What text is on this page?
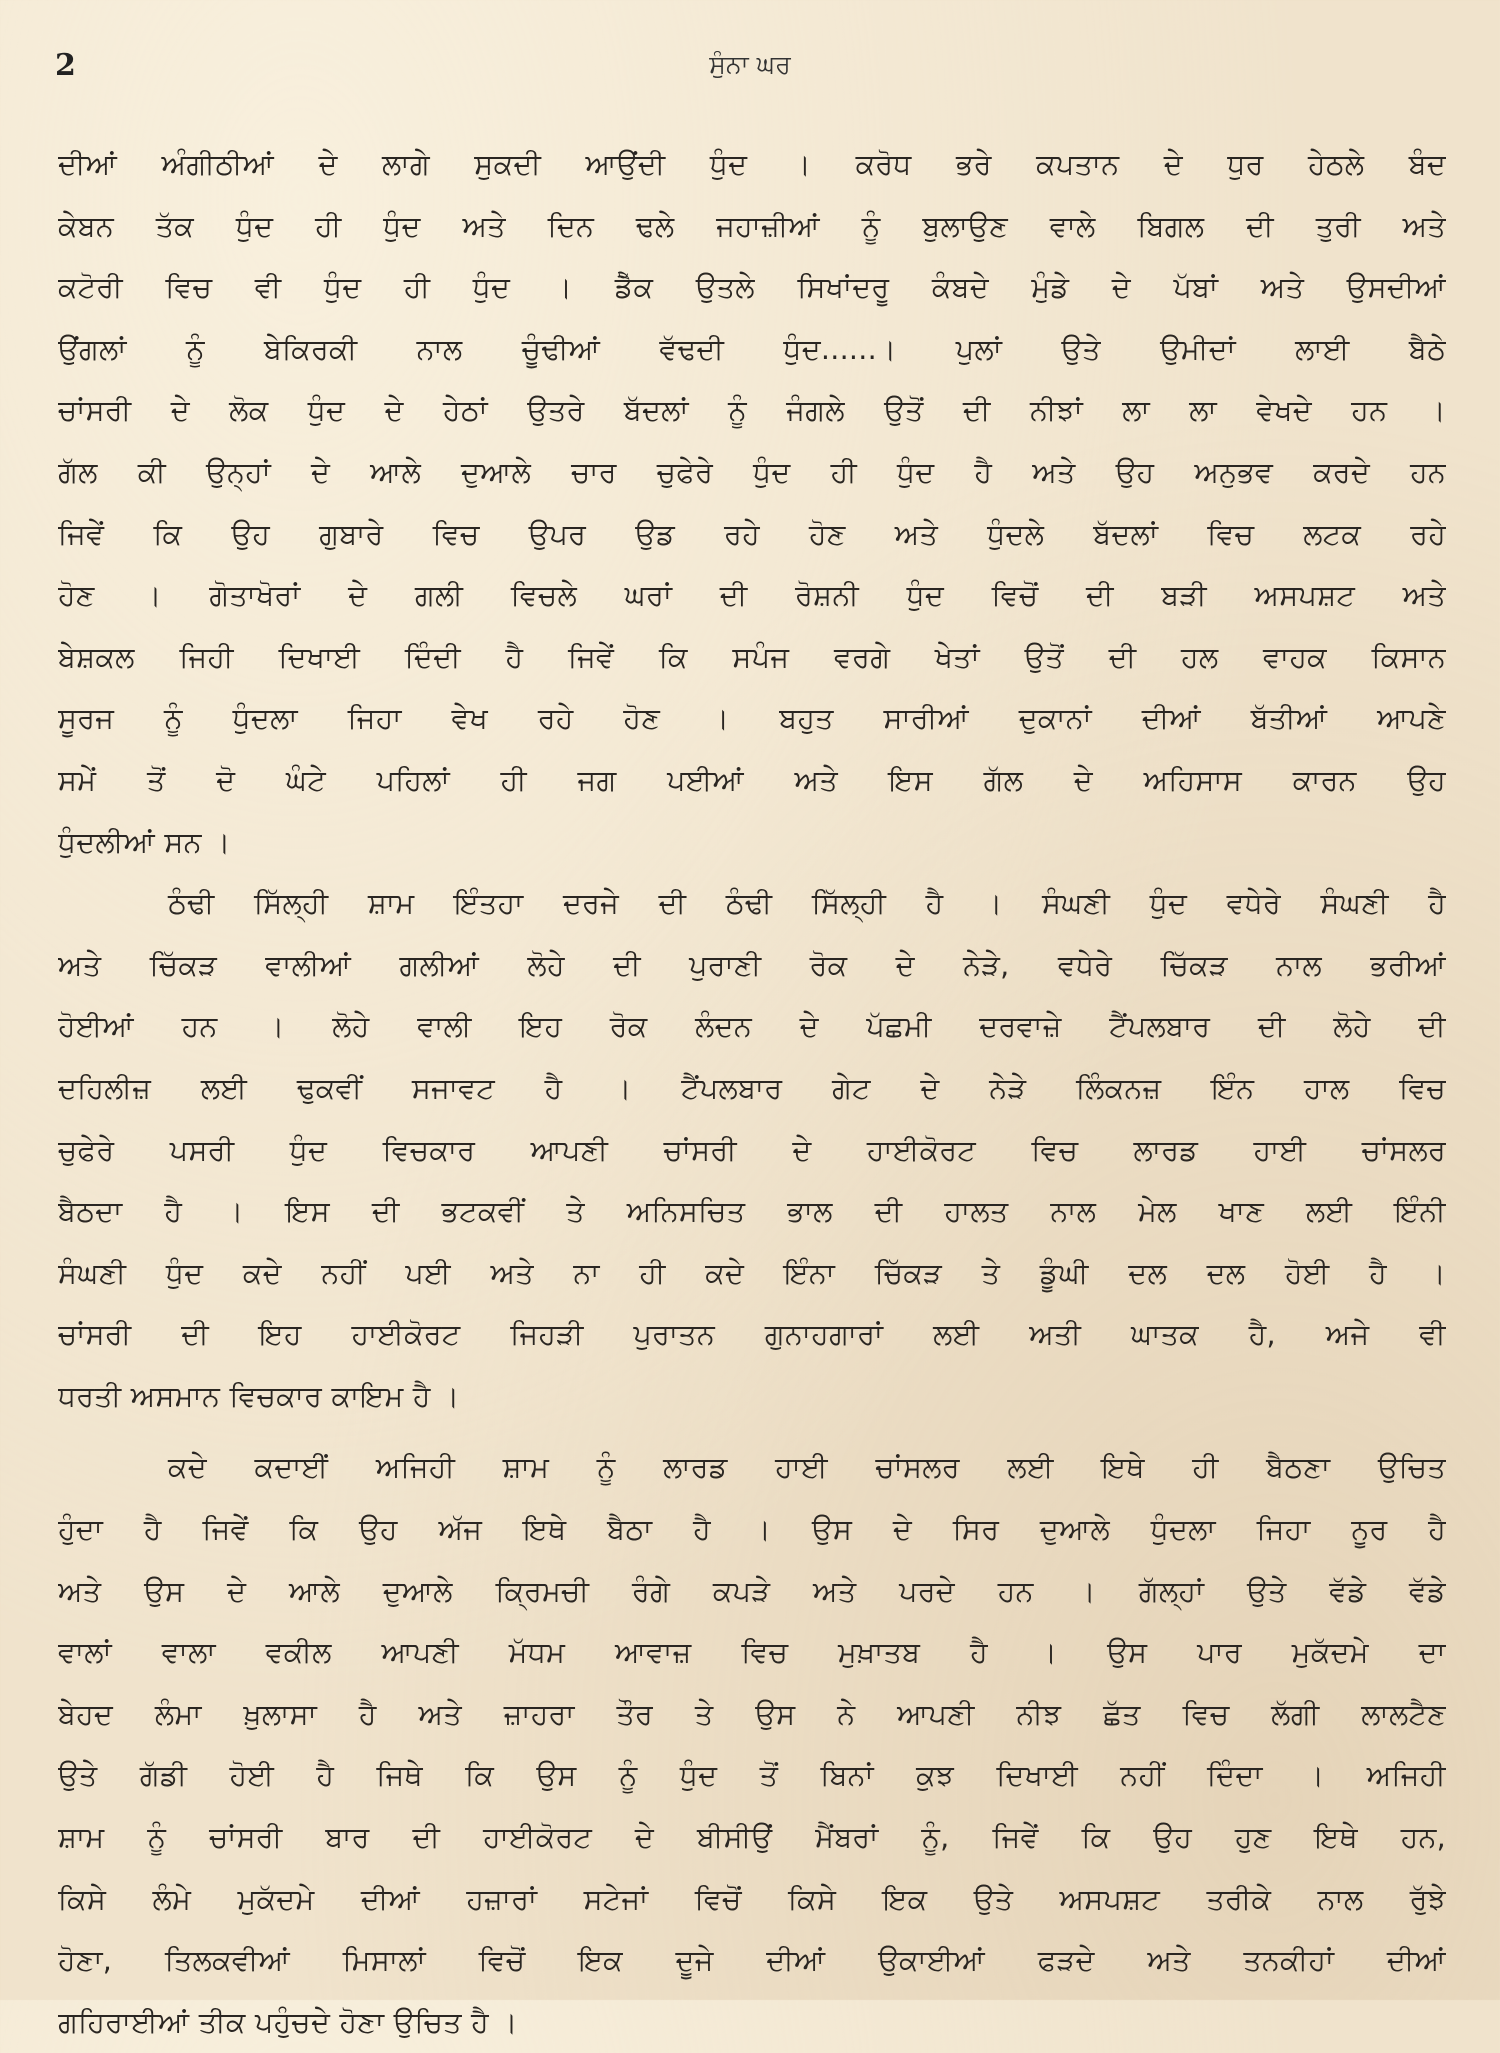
2	ਸੁੰਨਾ ਘਰ
ਦੀਆਂ ਅੰਗੀਠੀਆਂ ਦੇ ਲਾਗੇ ਸੁਕਦੀ ਆਉਂਦੀ ਧੁੰਦ । ਕਰੋਧ ਭਰੇ ਕਪਤਾਨ ਦੇ ਧੁਰ ਹੇਠਲੇ ਬੰਦ
ਕੇਬਨ ਤੱਕ ਧੁੰਦ ਹੀ ਧੁੰਦ ਅਤੇ ਦਿਨ ਢਲੇ ਜਹਾਜ਼ੀਆਂ ਨੂੰ ਬੁਲਾਉਣ ਵਾਲੇ ਬਿਗਲ ਦੀ ਤੁਰੀ ਅਤੇ
ਕਟੋਰੀ ਵਿਚ ਵੀ ਧੁੰਦ ਹੀ ਧੁੰਦ । ਡੈੱਕ ਉਤਲੇ ਸਿਖਾਂਦਰੂ ਕੰਬਦੇ ਮੁੰਡੇ ਦੇ ਪੱਬਾਂ ਅਤੇ ਉਸਦੀਆਂ
ਉਂਗਲਾਂ ਨੂੰ ਬੇਕਿਰਕੀ ਨਾਲ ਚੂੰਢੀਆਂ ਵੱਢਦੀ ਧੁੰਦ......। ਪੁਲਾਂ ਉਤੇ ਉਮੀਦਾਂ ਲਾਈ ਬੈਠੇ
ਚਾਂਸਰੀ ਦੇ ਲੋਕ ਧੁੰਦ ਦੇ ਹੇਠਾਂ ਉਤਰੇ ਬੱਦਲਾਂ ਨੂੰ ਜੰਗਲੇ ਉਤੋਂ ਦੀ ਨੀਝਾਂ ਲਾ ਲਾ ਵੇਖਦੇ ਹਨ ।
ਗੱਲ ਕੀ ਉਨ੍ਹਾਂ ਦੇ ਆਲੇ ਦੁਆਲੇ ਚਾਰ ਚੁਫੇਰੇ ਧੁੰਦ ਹੀ ਧੁੰਦ ਹੈ ਅਤੇ ਉਹ ਅਨੁਭਵ ਕਰਦੇ ਹਨ
ਜਿਵੇਂ ਕਿ ਉਹ ਗੁਬਾਰੇ ਵਿਚ ਉਪਰ ਉਡ ਰਹੇ ਹੋਣ ਅਤੇ ਧੁੰਦਲੇ ਬੱਦਲਾਂ ਵਿਚ ਲਟਕ ਰਹੇ
ਹੋਣ । ਗੋਤਾਖੋਰਾਂ ਦੇ ਗਲੀ ਵਿਚਲੇ ਘਰਾਂ ਦੀ ਰੋਸ਼ਨੀ ਧੁੰਦ ਵਿਚੋਂ ਦੀ ਬੜੀ ਅਸਪਸ਼ਟ ਅਤੇ
ਬੇਸ਼ਕਲ ਜਿਹੀ ਦਿਖਾਈ ਦਿੰਦੀ ਹੈ ਜਿਵੇਂ ਕਿ ਸਪੰਜ ਵਰਗੇ ਖੇਤਾਂ ਉਤੋਂ ਦੀ ਹਲ ਵਾਹਕ ਕਿਸਾਨ
ਸੂਰਜ ਨੂੰ ਧੁੰਦਲਾ ਜਿਹਾ ਵੇਖ ਰਹੇ ਹੋਣ । ਬਹੁਤ ਸਾਰੀਆਂ ਦੁਕਾਨਾਂ ਦੀਆਂ ਬੱਤੀਆਂ ਆਪਣੇ
ਸਮੇਂ ਤੋਂ ਦੋ ਘੰਟੇ ਪਹਿਲਾਂ ਹੀ ਜਗ ਪਈਆਂ ਅਤੇ ਇਸ ਗੱਲ ਦੇ ਅਹਿਸਾਸ ਕਾਰਨ ਉਹ
ਧੁੰਦਲੀਆਂ ਸਨ ।
ਠੰਢੀ ਸਿੱਲ੍ਹੀ ਸ਼ਾਮ ਇੰਤਹਾ ਦਰਜੇ ਦੀ ਠੰਢੀ ਸਿੱਲ੍ਹੀ ਹੈ । ਸੰਘਣੀ ਧੁੰਦ ਵਧੇਰੇ ਸੰਘਣੀ ਹੈ
ਅਤੇ ਚਿੱਕੜ ਵਾਲੀਆਂ ਗਲੀਆਂ ਲੋਹੇ ਦੀ ਪੁਰਾਣੀ ਰੋਕ ਦੇ ਨੇੜੇ, ਵਧੇਰੇ ਚਿੱਕੜ ਨਾਲ ਭਰੀਆਂ
ਹੋਈਆਂ ਹਨ । ਲੋਹੇ ਵਾਲੀ ਇਹ ਰੋਕ ਲੰਦਨ ਦੇ ਪੱਛਮੀ ਦਰਵਾਜ਼ੇ ਟੈਂਪਲਬਾਰ ਦੀ ਲੋਹੇ ਦੀ
ਦਹਿਲੀਜ਼ ਲਈ ਢੁਕਵੀਂ ਸਜਾਵਟ ਹੈ । ਟੈਂਪਲਬਾਰ ਗੇਟ ਦੇ ਨੇੜੇ ਲਿੰਕਨਜ਼ ਇੰਨ ਹਾਲ ਵਿਚ
ਚੁਫੇਰੇ ਪਸਰੀ ਧੁੰਦ ਵਿਚਕਾਰ ਆਪਣੀ ਚਾਂਸਰੀ ਦੇ ਹਾਈਕੋਰਟ ਵਿਚ ਲਾਰਡ ਹਾਈ ਚਾਂਸਲਰ
ਬੈਠਦਾ ਹੈ । ਇਸ ਦੀ ਭਟਕਵੀਂ ਤੇ ਅਨਿਸਚਿਤ ਭਾਲ ਦੀ ਹਾਲਤ ਨਾਲ ਮੇਲ ਖਾਣ ਲਈ ਇੰਨੀ
ਸੰਘਣੀ ਧੁੰਦ ਕਦੇ ਨਹੀਂ ਪਈ ਅਤੇ ਨਾ ਹੀ ਕਦੇ ਇੰਨਾ ਚਿੱਕੜ ਤੇ ਡੂੰਘੀ ਦਲ ਦਲ ਹੋਈ ਹੈ ।
ਚਾਂਸਰੀ ਦੀ ਇਹ ਹਾਈਕੋਰਟ ਜਿਹੜੀ ਪੁਰਾਤਨ ਗੁਨਾਹਗਾਰਾਂ ਲਈ ਅਤੀ ਘਾਤਕ ਹੈ, ਅਜੇ ਵੀ
ਧਰਤੀ ਅਸਮਾਨ ਵਿਚਕਾਰ ਕਾਇਮ ਹੈ ।
ਕਦੇ ਕਦਾਈਂ ਅਜਿਹੀ ਸ਼ਾਮ ਨੂੰ ਲਾਰਡ ਹਾਈ ਚਾਂਸਲਰ ਲਈ ਇਥੇ ਹੀ ਬੈਠਣਾ ਉਚਿਤ
ਹੁੰਦਾ ਹੈ ਜਿਵੇਂ ਕਿ ਉਹ ਅੱਜ ਇਥੇ ਬੈਠਾ ਹੈ । ਉਸ ਦੇ ਸਿਰ ਦੁਆਲੇ ਧੁੰਦਲਾ ਜਿਹਾ ਨੂਰ ਹੈ
ਅਤੇ ਉਸ ਦੇ ਆਲੇ ਦੁਆਲੇ ਕ੍ਰਿਮਚੀ ਰੰਗੇ ਕਪੜੇ ਅਤੇ ਪਰਦੇ ਹਨ । ਗੱਲ੍ਹਾਂ ਉਤੇ ਵੱਡੇ ਵੱਡੇ
ਵਾਲਾਂ ਵਾਲਾ ਵਕੀਲ ਆਪਣੀ ਮੱਧਮ ਆਵਾਜ਼ ਵਿਚ ਮੁਖ਼ਾਤਬ ਹੈ । ਉਸ ਪਾਰ ਮੁਕੱਦਮੇ ਦਾ
ਬੇਹਦ ਲੰਮਾ ਖ਼ੁਲਾਸਾ ਹੈ ਅਤੇ ਜ਼ਾਹਰਾ ਤੌਰ ਤੇ ਉਸ ਨੇ ਆਪਣੀ ਨੀਝ ਛੱਤ ਵਿਚ ਲੱਗੀ ਲਾਲਟੈਣ
ਉਤੇ ਗੱਡੀ ਹੋਈ ਹੈ ਜਿਥੇ ਕਿ ਉਸ ਨੂੰ ਧੁੰਦ ਤੋਂ ਬਿਨਾਂ ਕੁਝ ਦਿਖਾਈ ਨਹੀਂ ਦਿੰਦਾ । ਅਜਿਹੀ
ਸ਼ਾਮ ਨੂੰ ਚਾਂਸਰੀ ਬਾਰ ਦੀ ਹਾਈਕੋਰਟ ਦੇ ਬੀਸੀਉਂ ਮੈਂਬਰਾਂ ਨੂੰ, ਜਿਵੇਂ ਕਿ ਉਹ ਹੁਣ ਇਥੇ ਹਨ,
ਕਿਸੇ ਲੰਮੇ ਮੁਕੱਦਮੇ ਦੀਆਂ ਹਜ਼ਾਰਾਂ ਸਟੇਜਾਂ ਵਿਚੋਂ ਕਿਸੇ ਇਕ ਉਤੇ ਅਸਪਸ਼ਟ ਤਰੀਕੇ ਨਾਲ ਰੁੱਝੇ
ਹੋਣਾ, ਤਿਲਕਵੀਆਂ ਮਿਸਾਲਾਂ ਵਿਚੋਂ ਇਕ ਦੂਜੇ ਦੀਆਂ ਉਕਾਈਆਂ ਫੜਦੇ ਅਤੇ ਤਨਕੀਹਾਂ ਦੀਆਂ
ਗਹਿਰਾਈਆਂ ਤੀਕ ਪਹੁੰਚਦੇ ਹੋਣਾ ਉਚਿਤ ਹੈ ।
